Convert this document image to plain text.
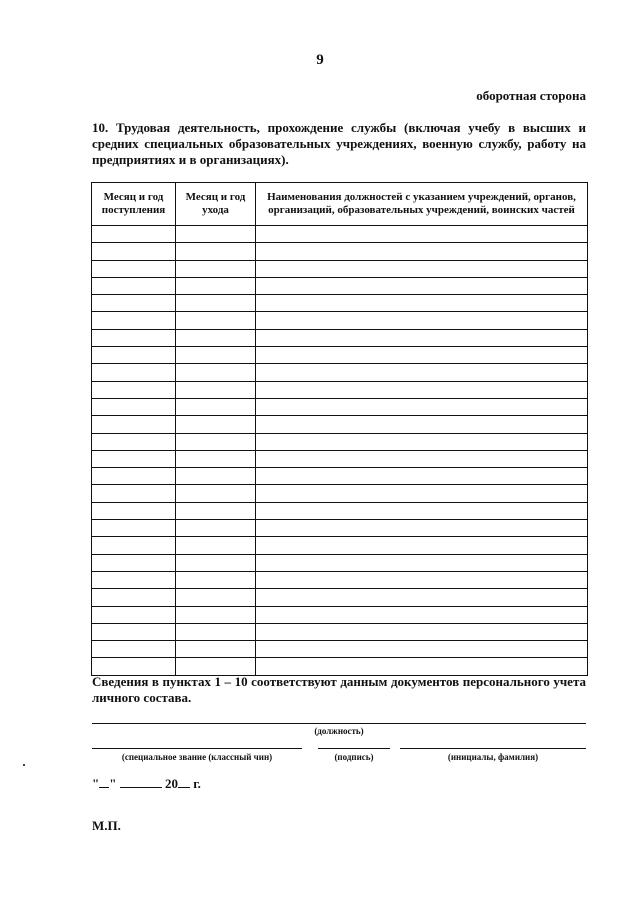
9
оборотная сторона
10. Трудовая деятельность, прохождение службы (включая учебу в высших и средних специальных образовательных учреждениях, военную службу, работу на предприятиях и в организациях).
Месяц и год поступления	Месяц и год ухода	Наименования должностей с указанием учреждений, органов, организаций, образовательных учреждений, воинских частей

Сведения в пунктах 1 – 10 соответствуют данным документов персонального учета личного состава.
(должность)
(специальное звание (классный чин)	(подпись)	(инициалы, фамилия)
" "	20 г.
М.П.
